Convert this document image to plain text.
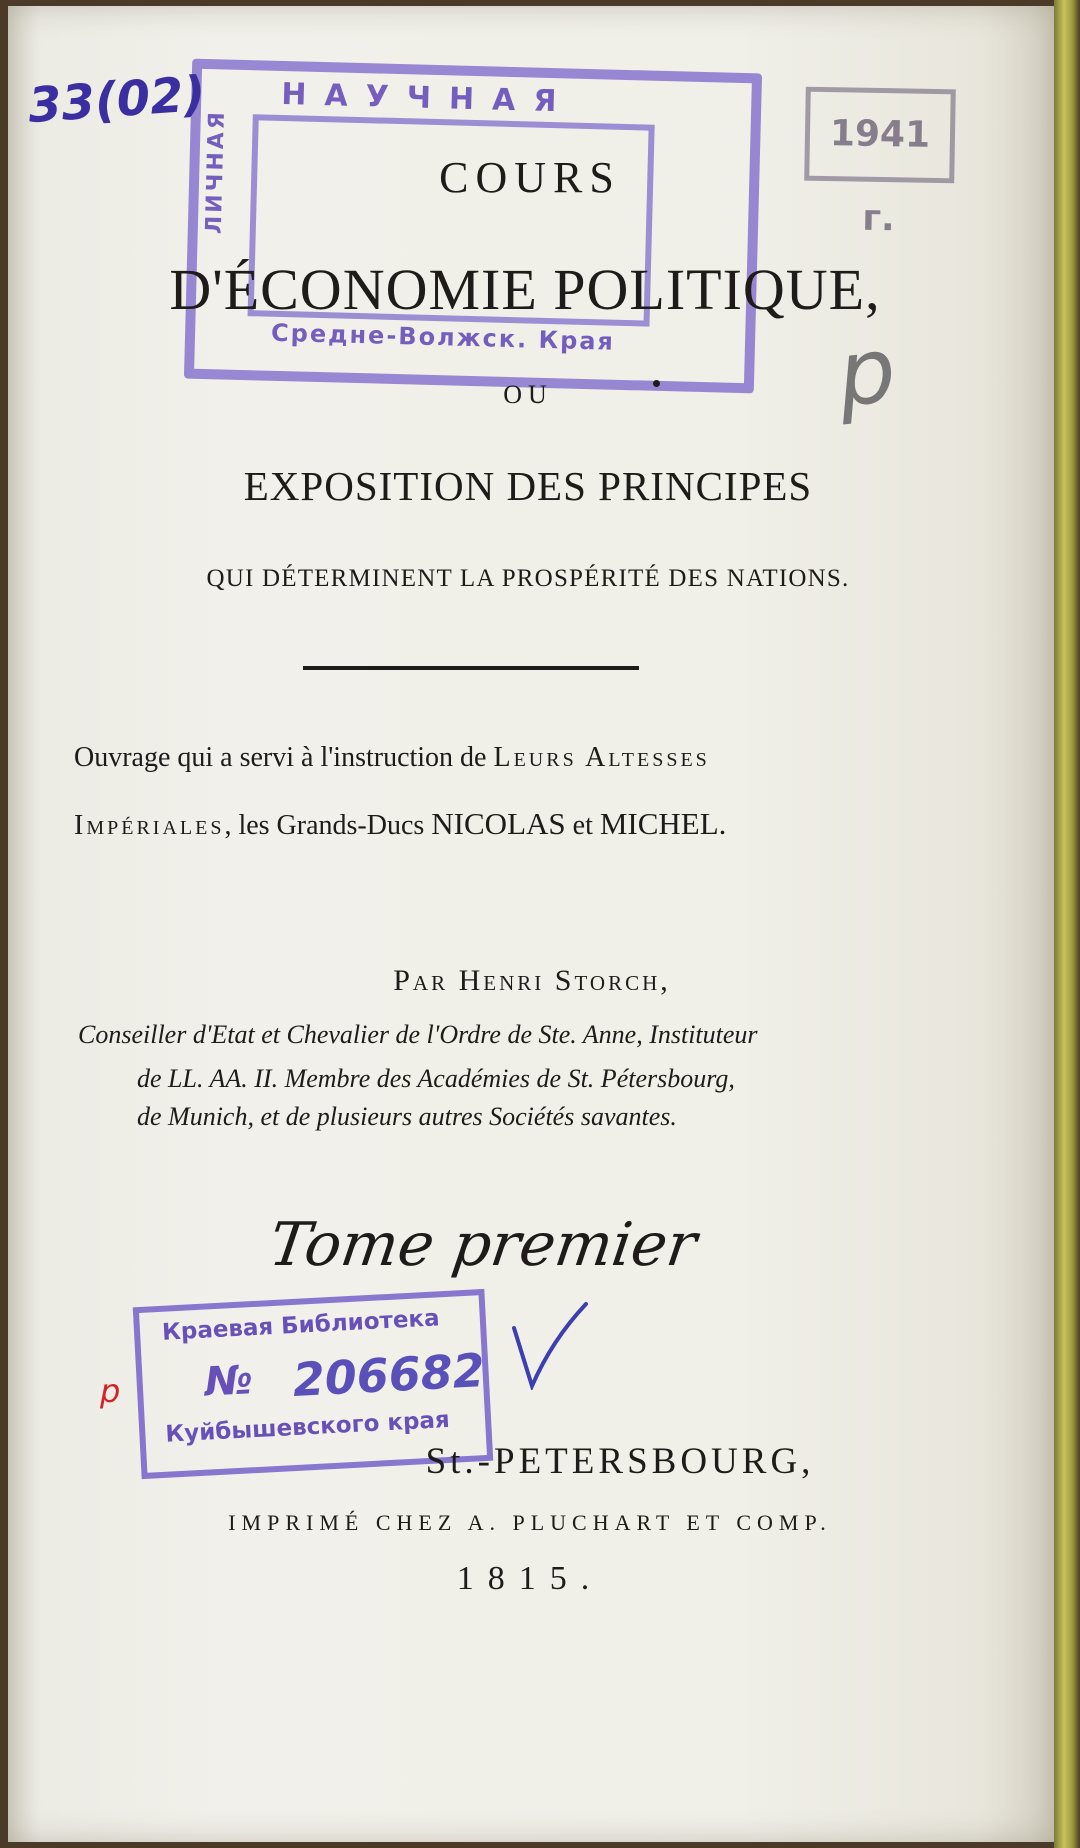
НАУЧНАЯ
Средне-Волжск. Края
ЛИЧНАЯ	1941 г.
33(02)
p
COURS
D'ÉCONOMIE POLITIQUE,
OU
EXPOSITION DES PRINCIPES
QUI DÉTERMINENT LA PROSPÉRITÉ DES NATIONS.
Ouvrage qui a servi à l'instruction de Leurs Altesses
Impériales, les Grands-Ducs NICOLAS et MICHEL.
Par Henri Storch,
Conseiller d'Etat et Chevalier de l'Ordre de Ste. Anne, Instituteur
de LL. AA. II. Membre des Académies de St. Pétersbourg,
de Munich, et de plusieurs autres Sociétés savantes.
Tome premier
Краевая Библиотека
№ 206682
Куйбышевского края
p
St.-PETERSBOURG,
IMPRIMÉ CHEZ A. PLUCHART ET COMP.
1815.
